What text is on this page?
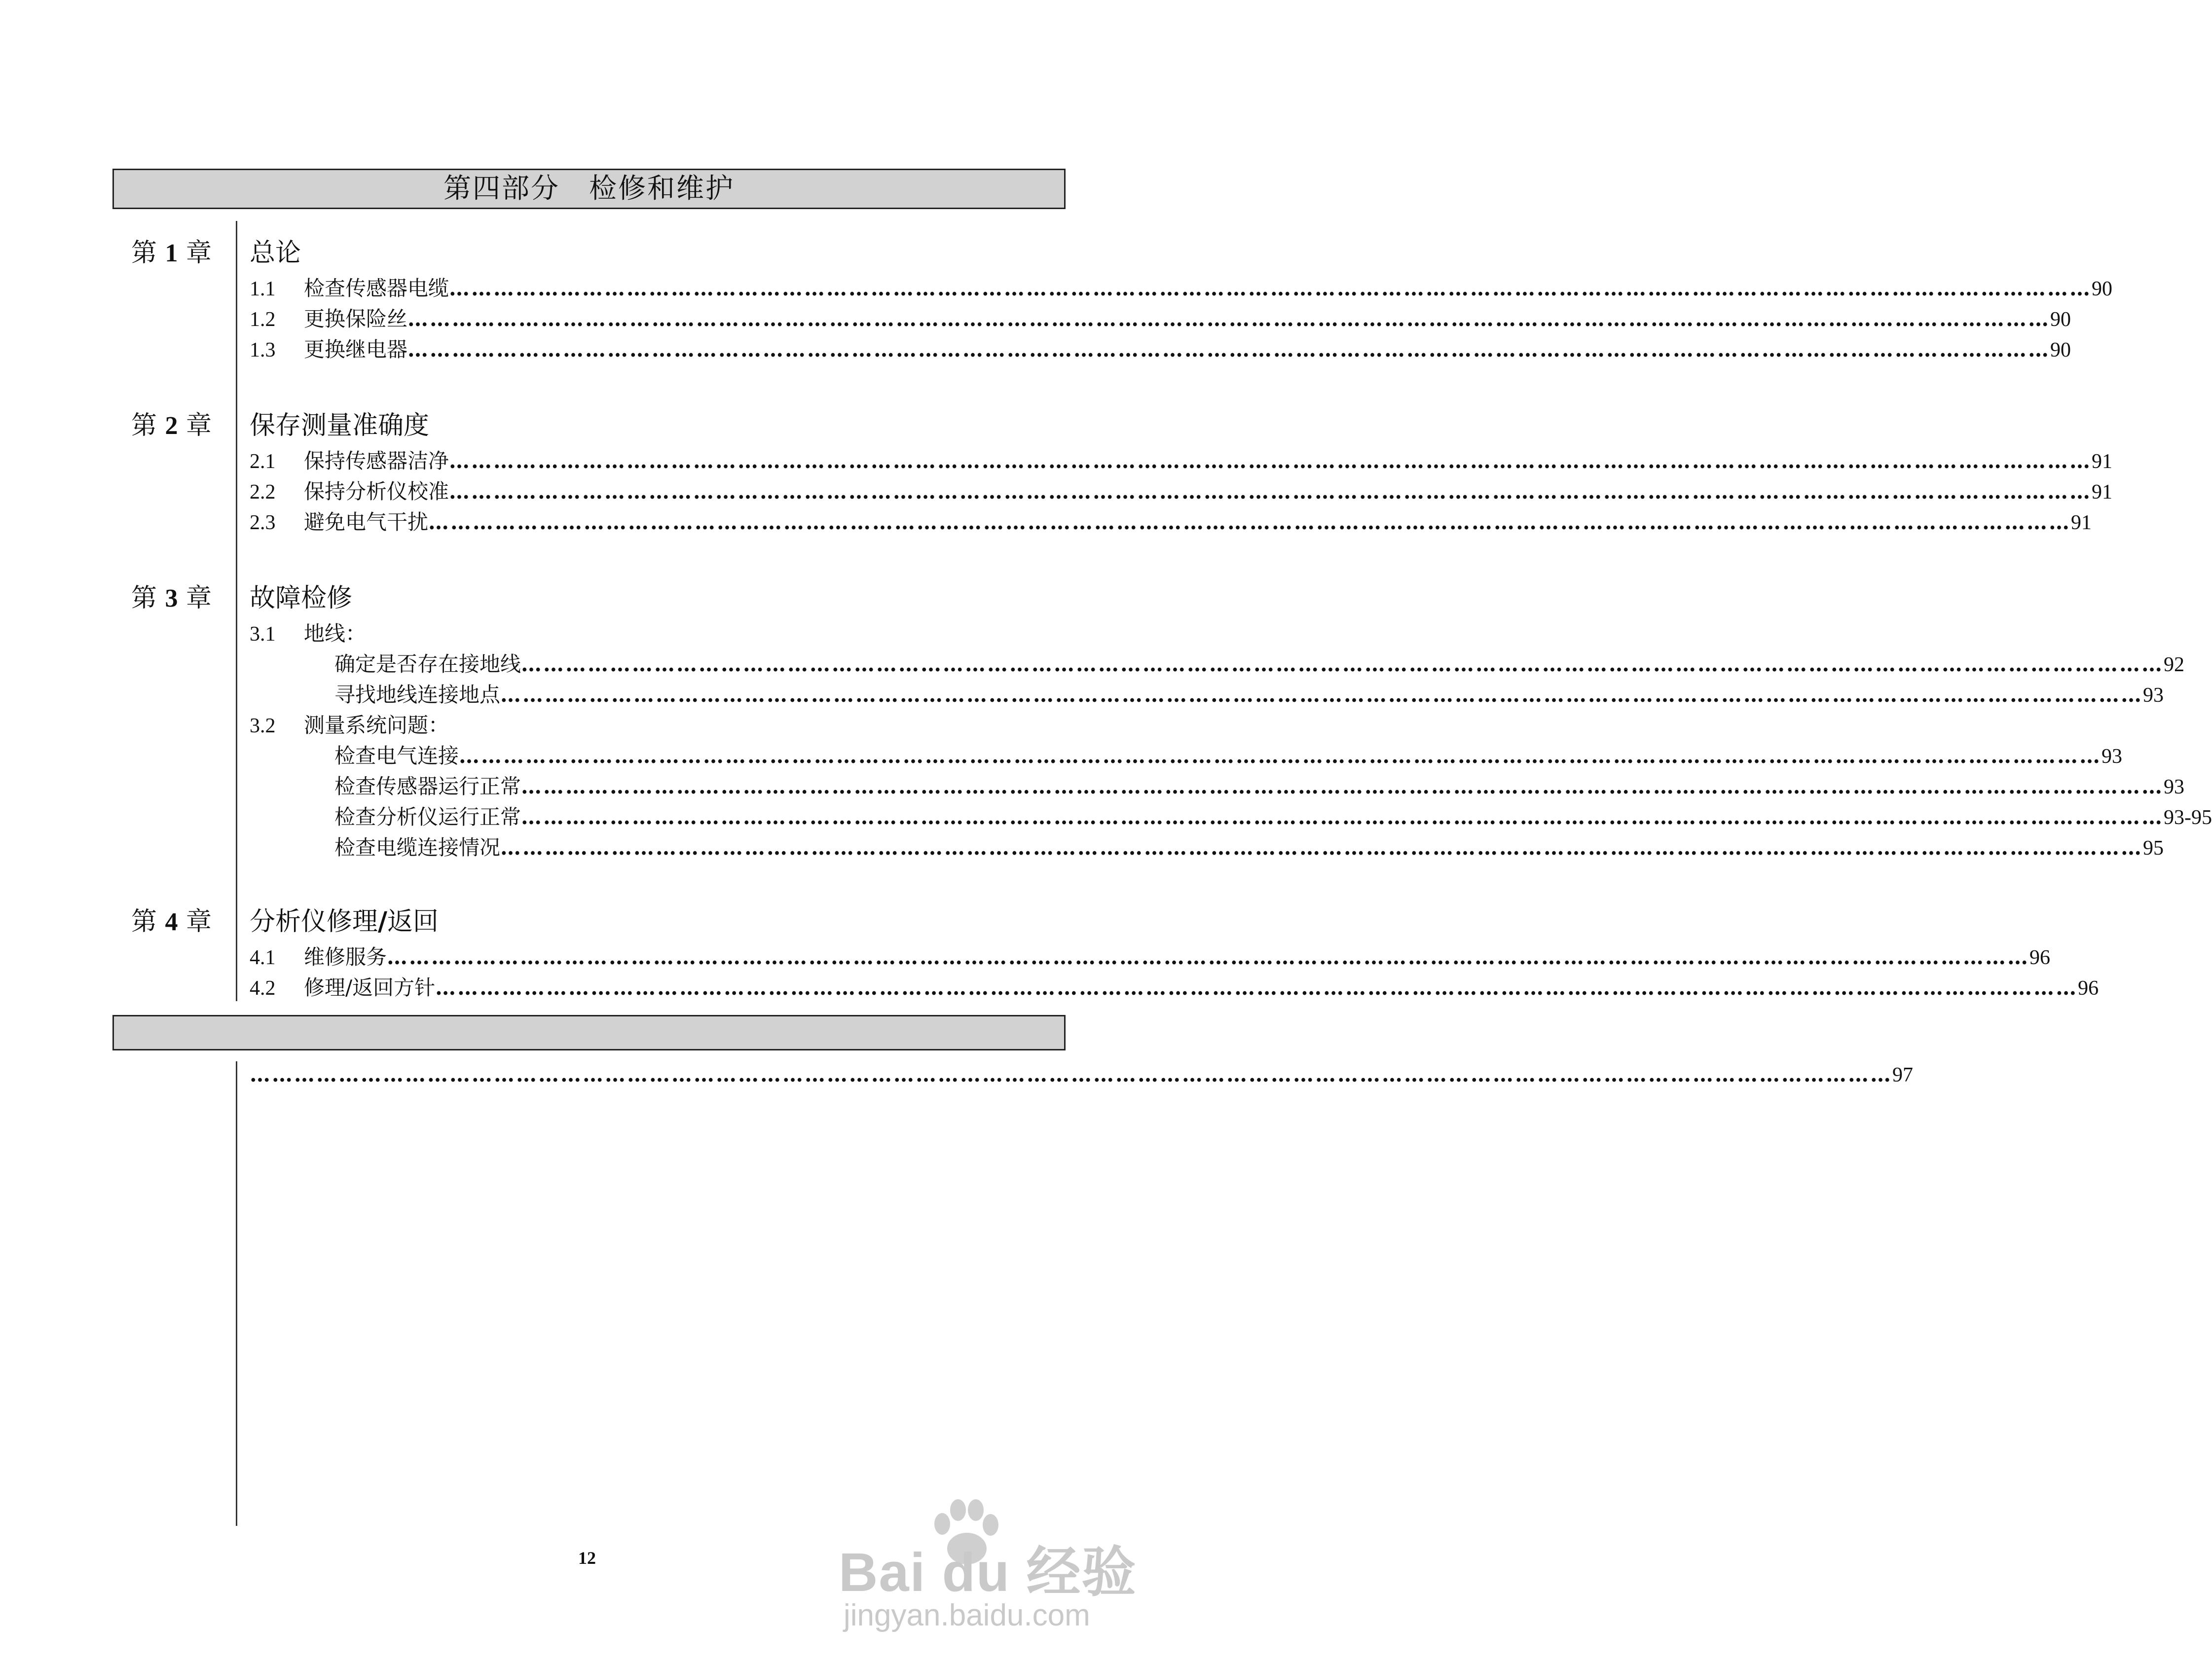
第四部分　检修和维护
第 1 章 总论
1.1	检查传感器电缆 …………………………………………………………………………………………………………………………………………………………………………………………………… 90
1.2	更换保险丝 …………………………………………………………………………………………………………………………………………………………………………………………………… 90
1.3	更换继电器 …………………………………………………………………………………………………………………………………………………………………………………………………… 90
第 2 章 保存测量准确度
2.1	保持传感器洁净 …………………………………………………………………………………………………………………………………………………………………………………………………… 91
2.2	保持分析仪校准 …………………………………………………………………………………………………………………………………………………………………………………………………… 91
2.3	避免电气干扰 …………………………………………………………………………………………………………………………………………………………………………………………………… 91
第 3 章 故障检修
3.1	地线：
确定是否存在接地线 …………………………………………………………………………………………………………………………………………………………………………………………………… 92
寻找地线连接地点 …………………………………………………………………………………………………………………………………………………………………………………………………… 93
3.2	测量系统问题：
检查电气连接 …………………………………………………………………………………………………………………………………………………………………………………………………… 93
检查传感器运行正常 …………………………………………………………………………………………………………………………………………………………………………………………………… 93
检查分析仪运行正常 …………………………………………………………………………………………………………………………………………………………………………………………………… 93-95
检查电缆连接情况 …………………………………………………………………………………………………………………………………………………………………………………………………… 95
第 4 章 分析仪修理/返回
4.1	维修服务 …………………………………………………………………………………………………………………………………………………………………………………………………… 96
4.2	修理/返回方针 …………………………………………………………………………………………………………………………………………………………………………………………………… 96
…………………………………………………………………………………………………………………………………………………………………………………………………… 97
12	Bai du 经验
jingyan.baidu.com
